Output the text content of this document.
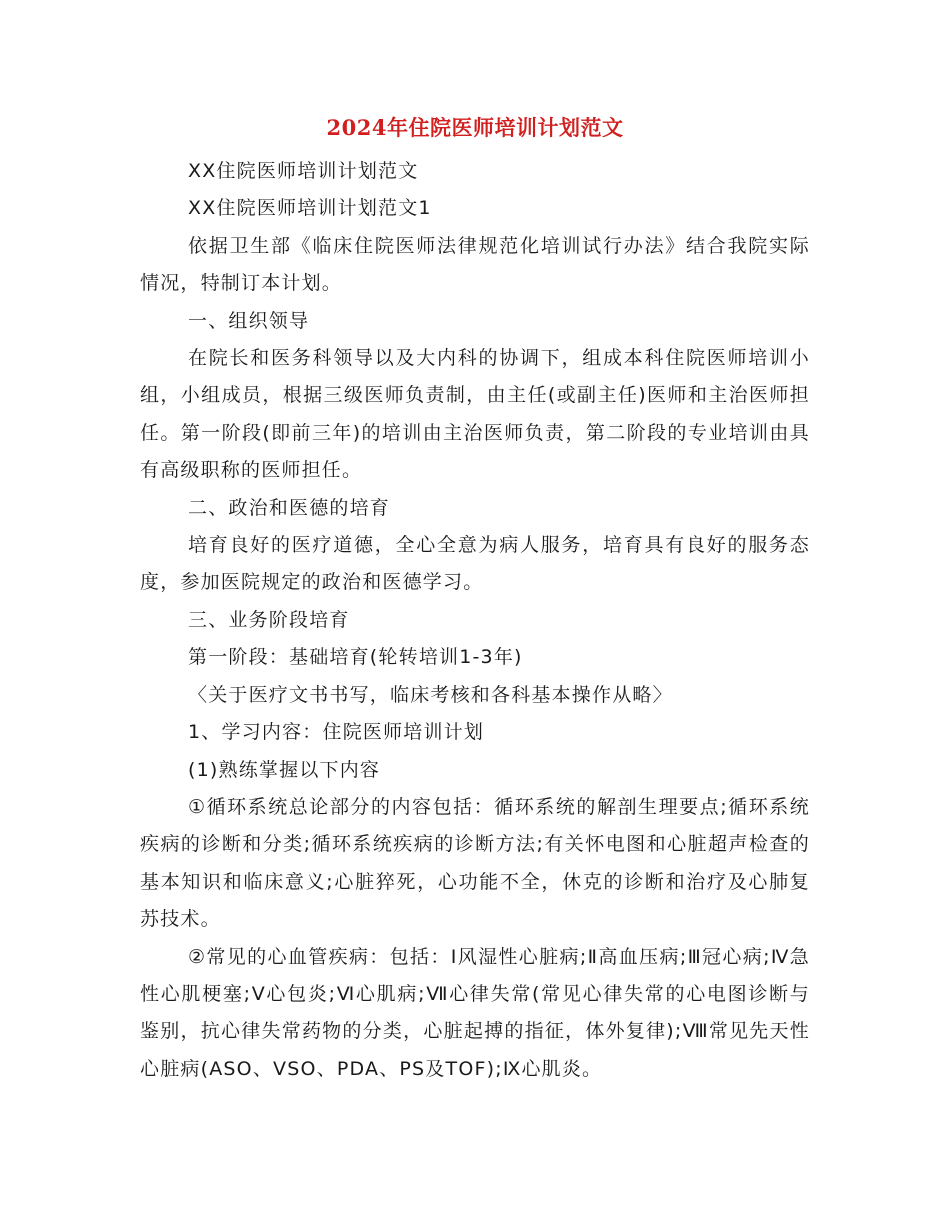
2024年住院医师培训计划范文

XX住院医师培训计划范文

XX住院医师培训计划范文1

依据卫生部《临床住院医师法律规范化培训试行办法》结合我院实际情况，特制订本计划。

一、组织领导

在院长和医务科领导以及大内科的协调下，组成本科住院医师培训小组，小组成员，根据三级医师负责制，由主任(或副主任)医师和主治医师担任。第一阶段(即前三年)的培训由主治医师负责，第二阶段的专业培训由具有高级职称的医师担任。

二、政治和医德的培育

培育良好的医疗道德，全心全意为病人服务，培育具有良好的服务态度，参加医院规定的政治和医德学习。

三、业务阶段培育

第一阶段：基础培育(轮转培训1-3年)

〈关于医疗文书书写，临床考核和各科基本操作从略〉

1、学习内容：住院医师培训计划

(1)熟练掌握以下内容

①循环系统总论部分的内容包括：循环系统的解剖生理要点;循环系统疾病的诊断和分类;循环系统疾病的诊断方法;有关怀电图和心脏超声检查的基本知识和临床意义;心脏猝死，心功能不全，休克的诊断和治疗及心肺复苏技术。

②常见的心血管疾病：包括：Ⅰ风湿性心脏病;Ⅱ高血压病;Ⅲ冠心病;Ⅳ急性心肌梗塞;Ⅴ心包炎;Ⅵ心肌病;Ⅶ心律失常(常见心律失常的心电图诊断与鉴别，抗心律失常药物的分类，心脏起搏的指征，体外复律);Ⅷ常见先天性心脏病(ASO、VSO、PDA、PS及TOF);Ⅸ心肌炎。
